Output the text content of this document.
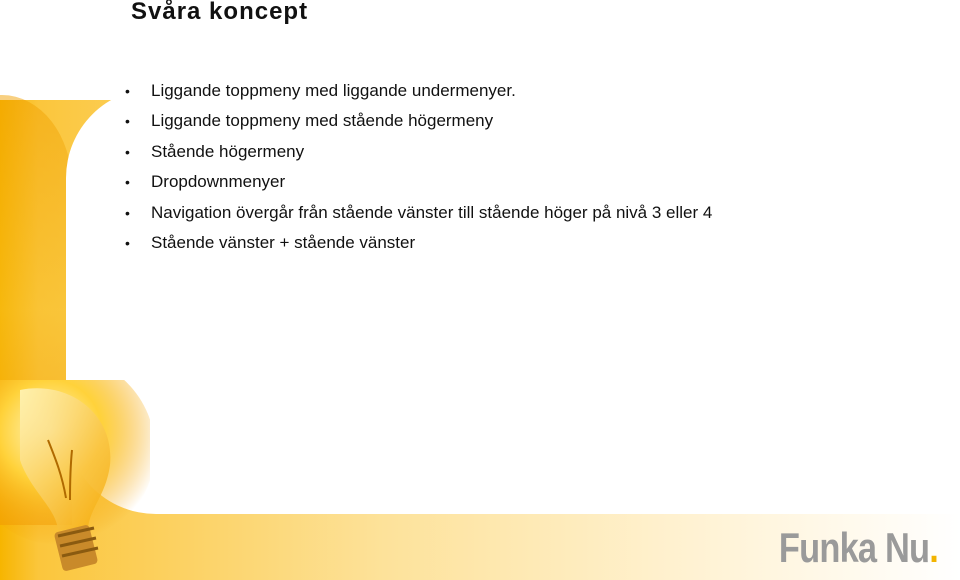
Svåra koncept
• Liggande toppmeny med liggande undermenyer.
• Liggande toppmeny med stående högermeny
• Stående högermeny
• Dropdownmenyer
• Navigation övergår från stående vänster till stående höger på nivå 3 eller 4
• Stående vänster + stående vänster
Funka Nu.
